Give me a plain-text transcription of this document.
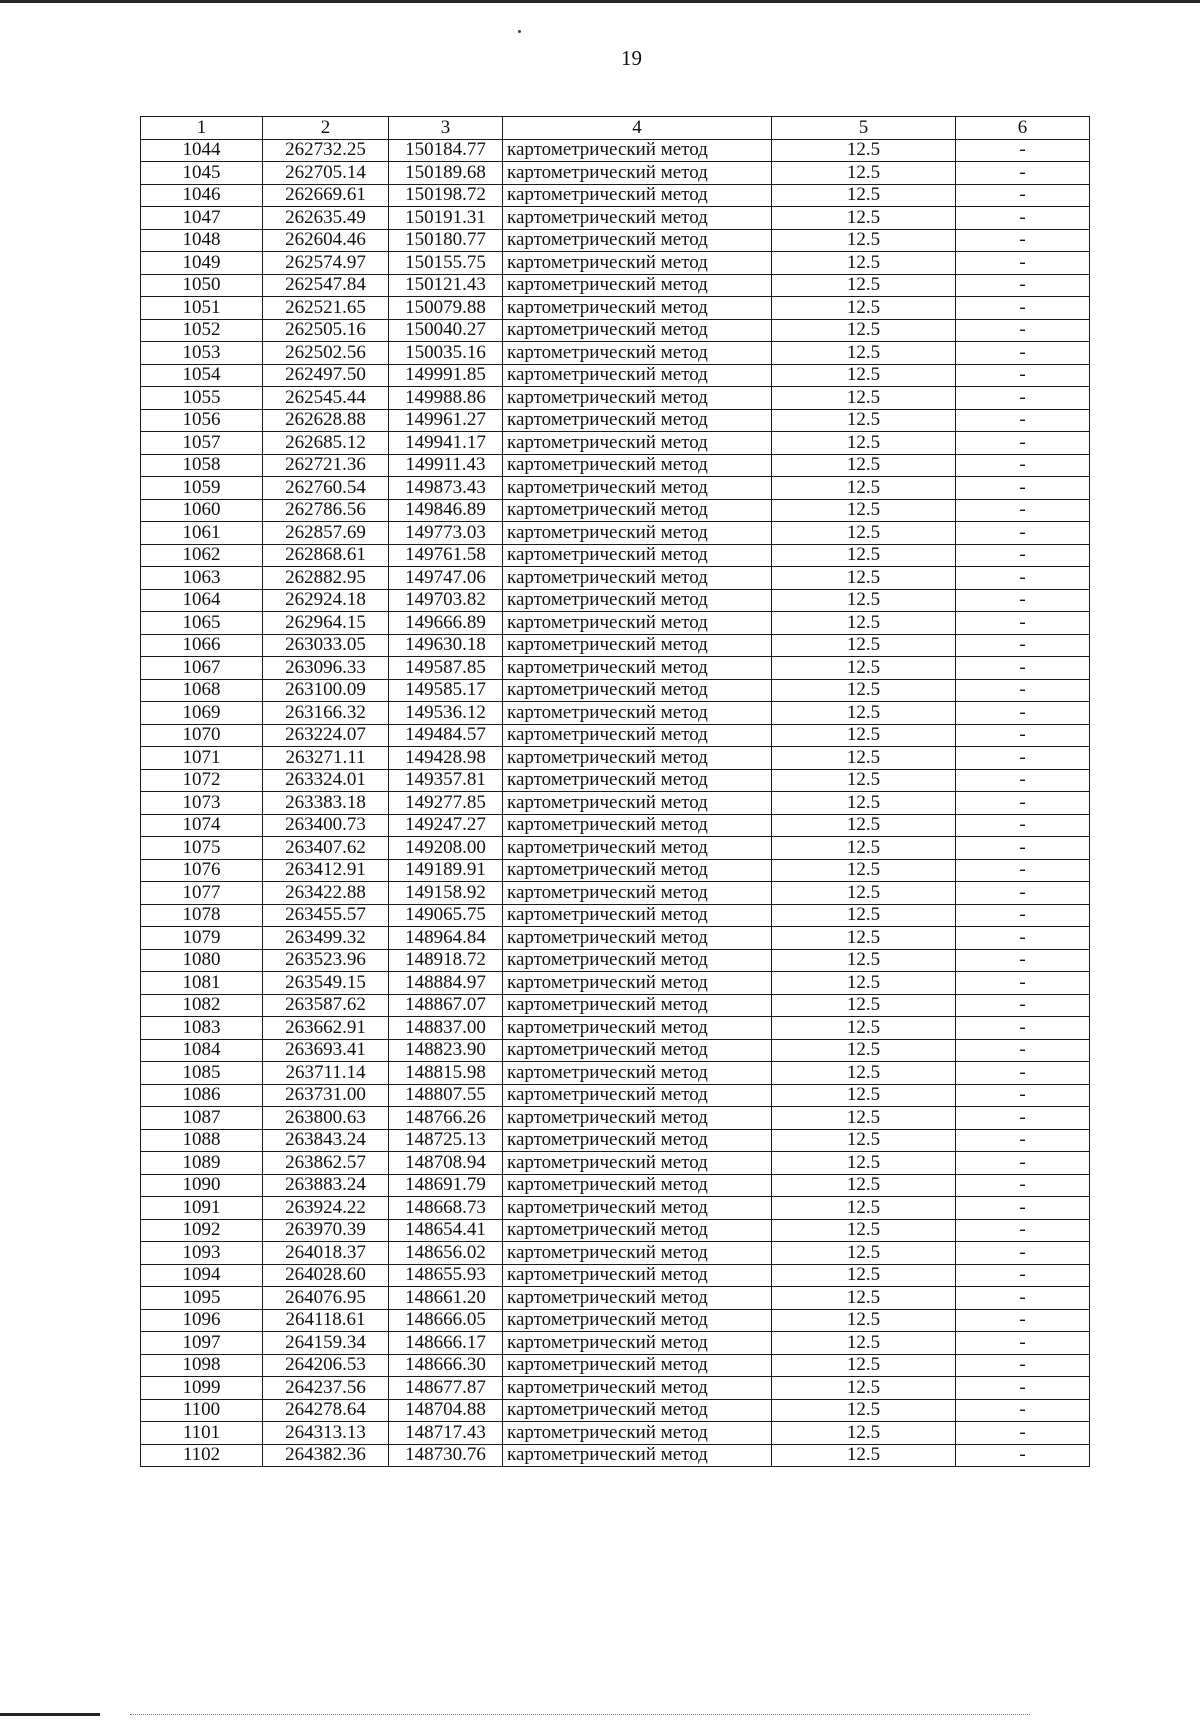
19
1	2	3	4	5	6
1044	262732.25	150184.77	картометрический метод	12.5	-
1045	262705.14	150189.68	картометрический метод	12.5	-
1046	262669.61	150198.72	картометрический метод	12.5	-
1047	262635.49	150191.31	картометрический метод	12.5	-
1048	262604.46	150180.77	картометрический метод	12.5	-
1049	262574.97	150155.75	картометрический метод	12.5	-
1050	262547.84	150121.43	картометрический метод	12.5	-
1051	262521.65	150079.88	картометрический метод	12.5	-
1052	262505.16	150040.27	картометрический метод	12.5	-
1053	262502.56	150035.16	картометрический метод	12.5	-
1054	262497.50	149991.85	картометрический метод	12.5	-
1055	262545.44	149988.86	картометрический метод	12.5	-
1056	262628.88	149961.27	картометрический метод	12.5	-
1057	262685.12	149941.17	картометрический метод	12.5	-
1058	262721.36	149911.43	картометрический метод	12.5	-
1059	262760.54	149873.43	картометрический метод	12.5	-
1060	262786.56	149846.89	картометрический метод	12.5	-
1061	262857.69	149773.03	картометрический метод	12.5	-
1062	262868.61	149761.58	картометрический метод	12.5	-
1063	262882.95	149747.06	картометрический метод	12.5	-
1064	262924.18	149703.82	картометрический метод	12.5	-
1065	262964.15	149666.89	картометрический метод	12.5	-
1066	263033.05	149630.18	картометрический метод	12.5	-
1067	263096.33	149587.85	картометрический метод	12.5	-
1068	263100.09	149585.17	картометрический метод	12.5	-
1069	263166.32	149536.12	картометрический метод	12.5	-
1070	263224.07	149484.57	картометрический метод	12.5	-
1071	263271.11	149428.98	картометрический метод	12.5	-
1072	263324.01	149357.81	картометрический метод	12.5	-
1073	263383.18	149277.85	картометрический метод	12.5	-
1074	263400.73	149247.27	картометрический метод	12.5	-
1075	263407.62	149208.00	картометрический метод	12.5	-
1076	263412.91	149189.91	картометрический метод	12.5	-
1077	263422.88	149158.92	картометрический метод	12.5	-
1078	263455.57	149065.75	картометрический метод	12.5	-
1079	263499.32	148964.84	картометрический метод	12.5	-
1080	263523.96	148918.72	картометрический метод	12.5	-
1081	263549.15	148884.97	картометрический метод	12.5	-
1082	263587.62	148867.07	картометрический метод	12.5	-
1083	263662.91	148837.00	картометрический метод	12.5	-
1084	263693.41	148823.90	картометрический метод	12.5	-
1085	263711.14	148815.98	картометрический метод	12.5	-
1086	263731.00	148807.55	картометрический метод	12.5	-
1087	263800.63	148766.26	картометрический метод	12.5	-
1088	263843.24	148725.13	картометрический метод	12.5	-
1089	263862.57	148708.94	картометрический метод	12.5	-
1090	263883.24	148691.79	картометрический метод	12.5	-
1091	263924.22	148668.73	картометрический метод	12.5	-
1092	263970.39	148654.41	картометрический метод	12.5	-
1093	264018.37	148656.02	картометрический метод	12.5	-
1094	264028.60	148655.93	картометрический метод	12.5	-
1095	264076.95	148661.20	картометрический метод	12.5	-
1096	264118.61	148666.05	картометрический метод	12.5	-
1097	264159.34	148666.17	картометрический метод	12.5	-
1098	264206.53	148666.30	картометрический метод	12.5	-
1099	264237.56	148677.87	картометрический метод	12.5	-
1100	264278.64	148704.88	картометрический метод	12.5	-
1101	264313.13	148717.43	картометрический метод	12.5	-
1102	264382.36	148730.76	картометрический метод	12.5	-
